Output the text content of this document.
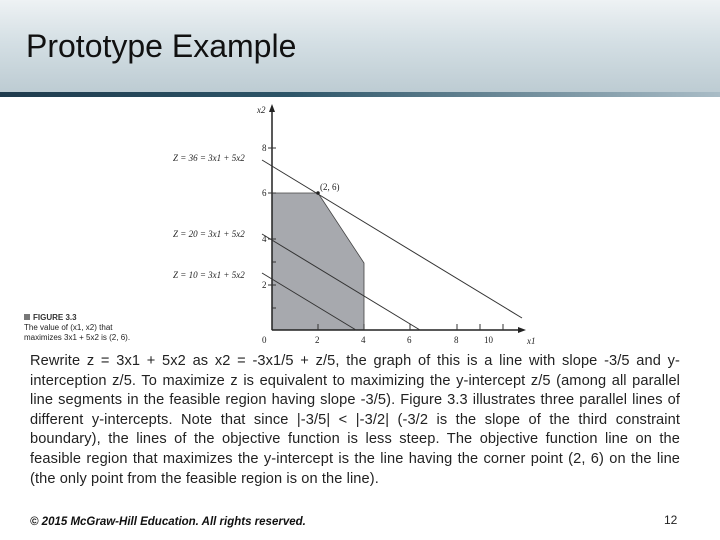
Prototype Example
x2
x1
Z = 36 = 3x1 + 5x2
Z = 20 = 3x1 + 5x2
Z = 10 = 3x1 + 5x2
(2, 6)
8
6
4
2
0	2	4	6	8	10
FIGURE 3.3
The value of (x1, x2) that
maximizes 3x1 + 5x2 is (2, 6).
Rewrite z = 3x1 + 5x2 as x2 = -3x1/5 + z/5, the graph of this is a line with slope -3/5 and y-interception z/5. To maximize z is equivalent to maximizing the y-intercept z/5 (among all parallel line segments in the feasible region having slope -3/5). Figure 3.3 illustrates three parallel lines of different y-intercepts. Note that since |-3/5| < |-3/2| (-3/2 is the slope of the third constraint boundary), the lines of the objective function is less steep. The objective function line on the feasible region that maximizes the y-intercept is the line having the corner point (2, 6) on the line (the only point from the feasible region is on the line).
© 2015 McGraw-Hill Education. All rights reserved.	12
